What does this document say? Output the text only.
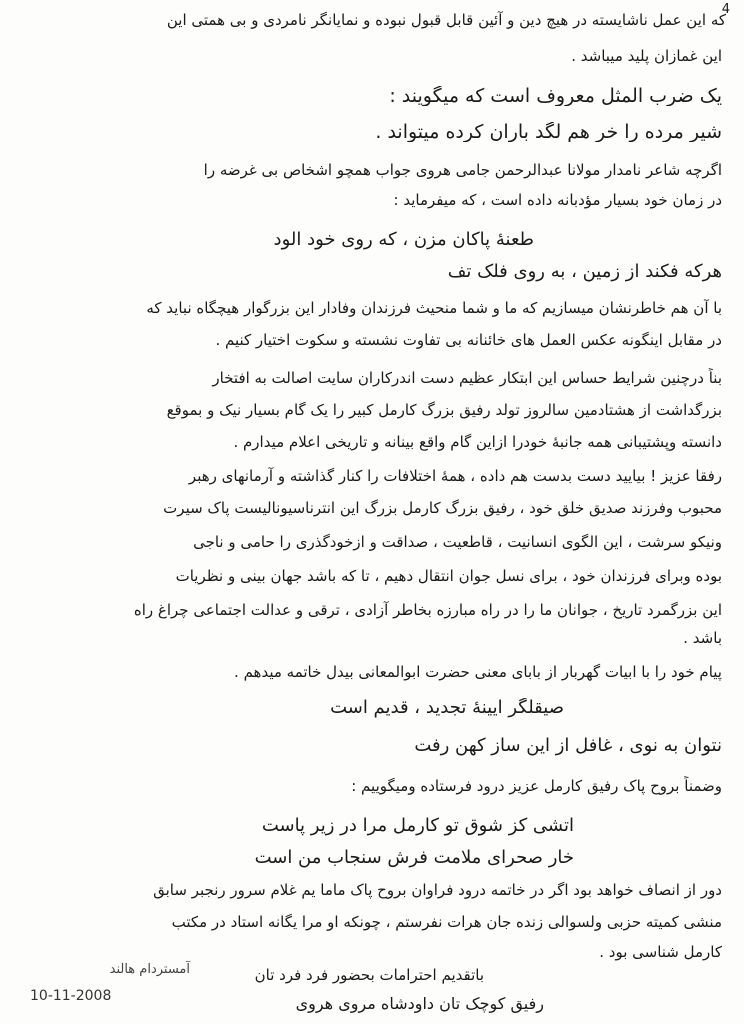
4
که این عمل ناشایسته در هیچ دین و آئین قابل قبول نبوده و نمایانگر نامردی و بی همتی این
این غمازان پلید میباشد .
یک ضرب المثل معروف است که میگویند :
شیر مرده را خر هم لگد باران کرده میتواند .
اگرچه شاعر نامدار مولانا عبدالرحمن جامی هروی جواب همچو اشخاص بی غرضه را
در زمان خود بسیار مؤدبانه داده است ، که میفرماید :
طعنهٔ پاکان مزن ، که روی خود آلود
هرکه فکند از زمین ، به روی فلک تف
با آن هم خاطرنشان میسازیم که ما و شما منحیث فرزندان وفادار این بزرگوار هیچگاه نباید که
در مقابل اینگونه عکس العمل های خائنانه بی تفاوت نشسته و سکوت اختیار کنیم .
بناً درچنین شرایط حساس این ابتکار عظیم دست اندرکاران سایت اصالت به افتخار
بزرگداشت از هشتادمین سالروز تولد رفیق بزرگ کارمل کبیر را یک گام بسیار نیک و بموقع
دانسته وپشتیبانی همه جانبهٔ خودرا ازاین گام واقع بینانه و تاریخی اعلام میدارم .
رفقا عزیز ! بیایید دست بدست هم داده ، همهٔ اختلافات را کنار گذاشته و آرمانهای رهبر
محبوب وفرزند صدیق خلق خود ، رفیق بزرگ کارمل بزرگ این انترناسیونالیست پاک سیرت
ونیکو سرشت ، این الگوی انسانیت ، قاطعیت ، صداقت و ازخودگذری را حامی و ناجی
بوده وبرای فرزندان خود ، برای نسل جوان انتقال دهیم ، تا که باشد جهان بینی و نظریات
این بزرگمرد تاریخ ، جوانان ما را در راه مبارزه بخاطر آزادی ، ترقی و عدالت اجتماعی چراغ راه
باشد .
پیام خود را با ابیات گهربار از بابای معنی حضرت ابوالمعانی بیدل خاتمه میدهم .
صیقلگر آیینهٔ تجدید ، قدیم است
نتوان به نوی ، غافل از این ساز کهن رفت
وضمناً بروح پاک رفیق کارمل عزیز درود فرستاده ومیگوییم :
آتشی کز شوق تو کارمل مرا در زیر پاست
خار صحرای ملامت فرش سنجاب من است
دور از انصاف خواهد بود اگر در خاتمه درود فراوان بروح پاک ماما یم غلام سرور رنجبر سابق
منشی کمیته حزبی ولسوالی زنده جان هرات نفرستم ، چونکه او مرا یگانه استاد در مکتب
کارمل شناسی بود .
آمستردام هالند
10-11-2008
باتقدیم احترامات بحضور فرد فرد تان
رفیق کوچک تان داودشاه مروی هروی
